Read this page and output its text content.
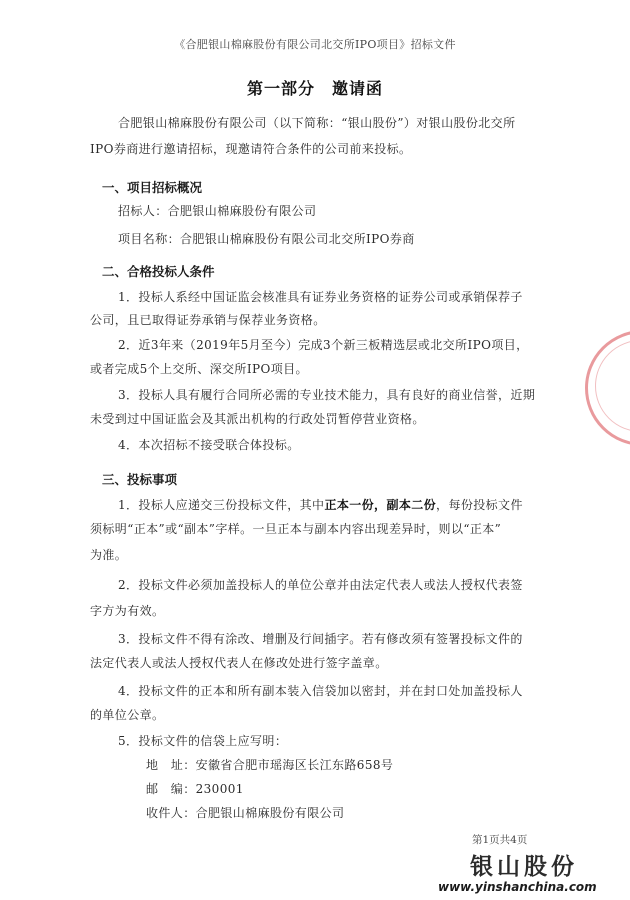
《合肥银山棉麻股份有限公司北交所IPO项目》招标文件
第一部分　邀请函
合肥银山棉麻股份有限公司（以下简称：“银山股份”）对银山股份北交所
IPO券商进行邀请招标，现邀请符合条件的公司前来投标。
一、项目招标概况
招标人：合肥银山棉麻股份有限公司
项目名称：合肥银山棉麻股份有限公司北交所IPO券商
二、合格投标人条件
1．投标人系经中国证监会核准具有证券业务资格的证券公司或承销保荐子
公司，且已取得证券承销与保荐业务资格。
2．近3年来（2019年5月至今）完成3个新三板精选层或北交所IPO项目，
或者完成5个上交所、深交所IPO项目。
3．投标人具有履行合同所必需的专业技术能力，具有良好的商业信誉，近期
未受到过中国证监会及其派出机构的行政处罚暂停营业资格。
4．本次招标不接受联合体投标。
三、投标事项
1．投标人应递交三份投标文件，其中正本一份，副本二份，每份投标文件
须标明“正本”或“副本”字样。一旦正本与副本内容出现差异时，则以“正本”
为准。
2．投标文件必须加盖投标人的单位公章并由法定代表人或法人授权代表签
字方为有效。
3．投标文件不得有涂改、增删及行间插字。若有修改须有签署投标文件的
法定代表人或法人授权代表人在修改处进行签字盖章。
4．投标文件的正本和所有副本装入信袋加以密封，并在封口处加盖投标人
的单位公章。
5．投标文件的信袋上应写明：
地　址：安徽省合肥市瑶海区长江东路658号
邮　编：230001
收件人：合肥银山棉麻股份有限公司
第1页共4页
银山股份
www.yinshanchina.com
